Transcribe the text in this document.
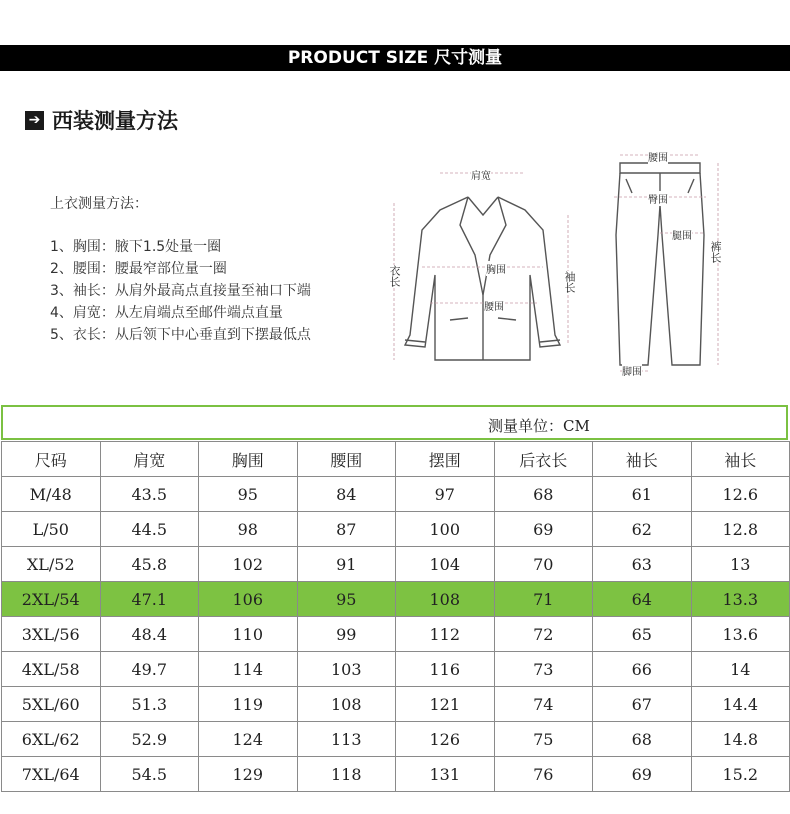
PRODUCT SIZE 尺寸测量
➔ 西装测量方法
上衣测量方法：
1、胸围：腋下1.5处量一圈
2、腰围：腰最窄部位量一圈
3、袖长：从肩外最高点直接量至袖口下端
4、肩宽：从左肩端点至邮件端点直量
5、衣长：从后领下中心垂直到下摆最低点
肩宽
胸围
腰围
衣长	袖长
腰围
臀围
腿围
裤长
脚围
测量单位：CM
尺码	肩宽	胸围	腰围	摆围	后衣长	袖长	袖长
M/48	43.5	95	84	97	68	61	12.6
L/50	44.5	98	87	100	69	62	12.8
XL/52	45.8	102	91	104	70	63	13
2XL/54	47.1	106	95	108	71	64	13.3
3XL/56	48.4	110	99	112	72	65	13.6
4XL/58	49.7	114	103	116	73	66	14
5XL/60	51.3	119	108	121	74	67	14.4
6XL/62	52.9	124	113	126	75	68	14.8
7XL/64	54.5	129	118	131	76	69	15.2
